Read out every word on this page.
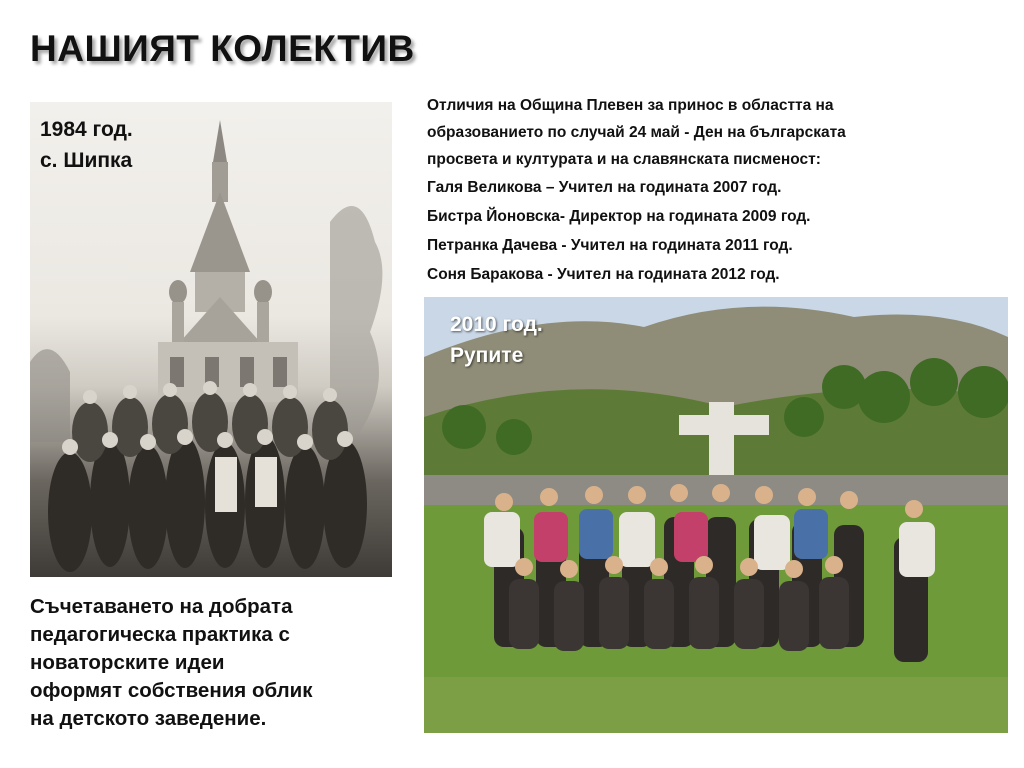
НАШИЯТ КОЛЕКТИВ
1984 год.
с. Шипка

Отличия на Община Плевен за принос в областта на
образованието по случай 24 май - Ден на българската
просвета и културата и на славянската писменост:

Галя Великова – Учител на годината 2007 год.

Бистра Йоновска- Директор на годината 2009 год.

Петранка Дачева - Учител на годината 2011 год.

Соня Баракова - Учител на годината 2012 год.

2010 год.
Рупите
Съчетаването на добрата
педагогическа практика с
новаторските идеи
оформят собствения облик
на детското заведение.
